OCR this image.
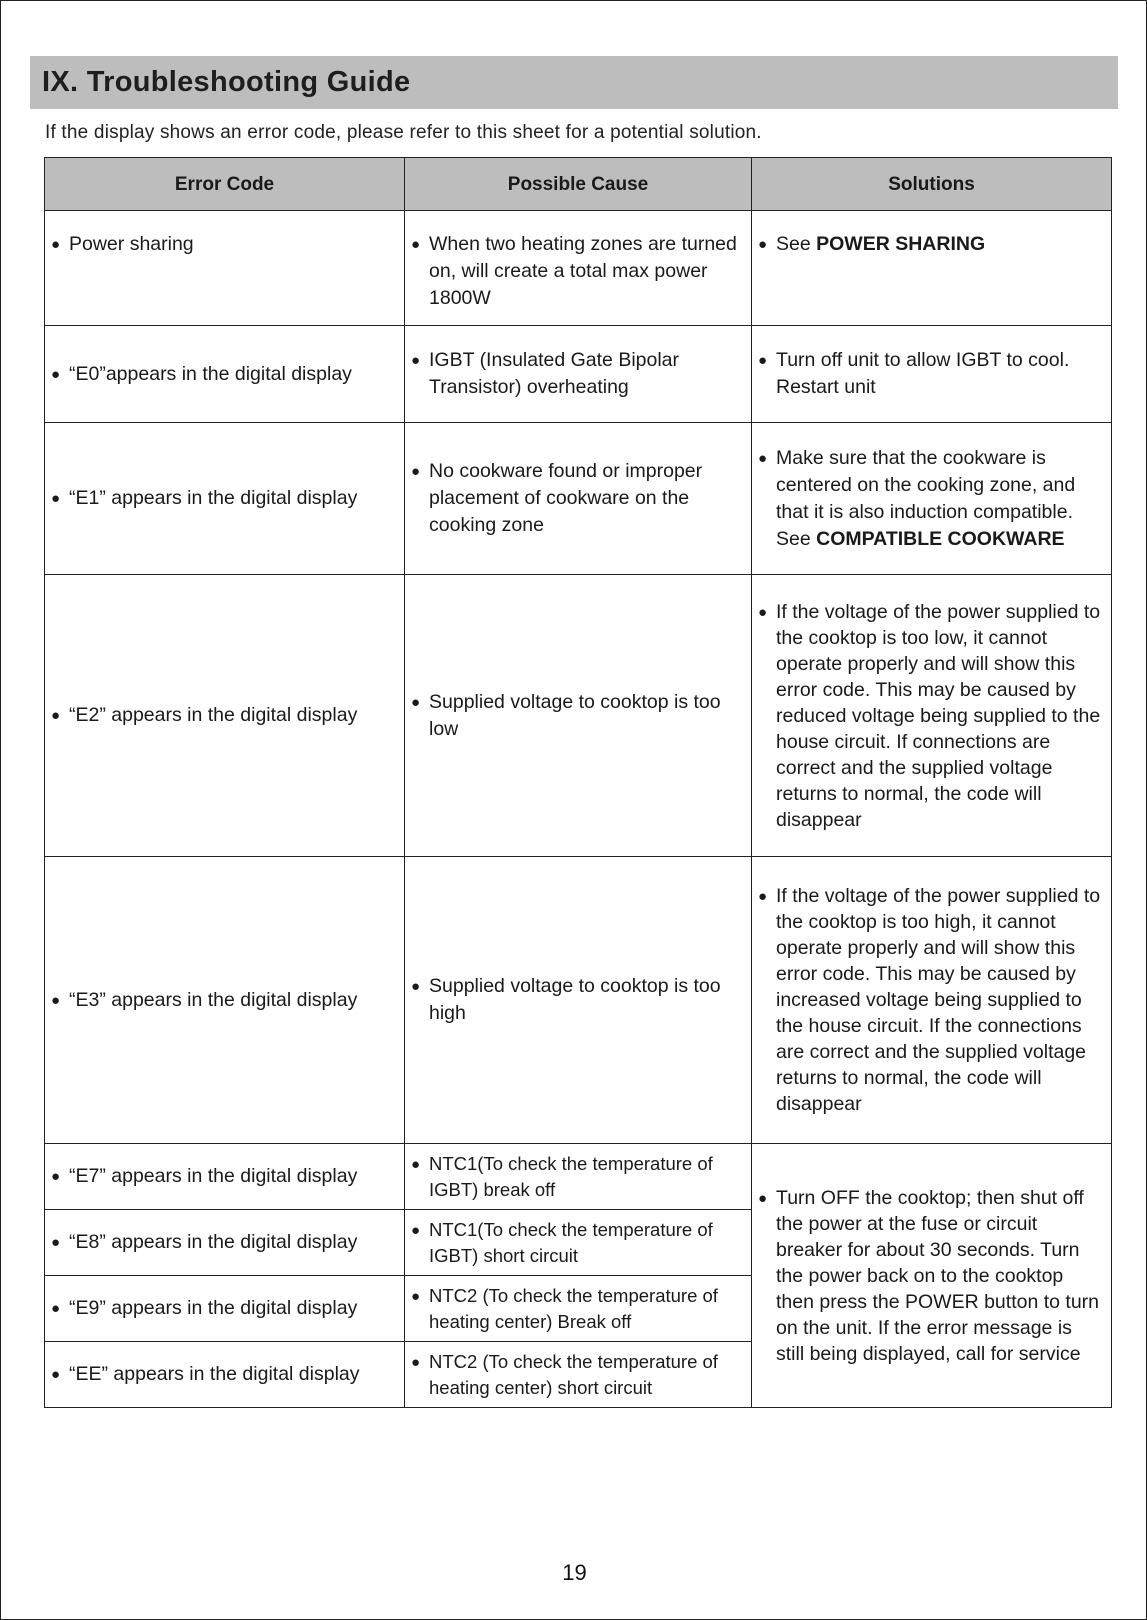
IX. Troubleshooting Guide
If the display shows an error code, please refer to this sheet for a potential solution.
Error Code	Possible Cause	Solutions

● Power sharing	● When two heating zones are turned on, will create a total max power 1800W	● See POWER SHARING

● “E0”appears in the digital display	● IGBT (Insulated Gate Bipolar Transistor) overheating	● Turn off unit to allow IGBT to cool. Restart unit

● “E1” appears in the digital display	● No cookware found or improper placement of cookware on the cooking zone	● Make sure that the cookware is centered on the cooking zone, and that it is also induction compatible. See COMPATIBLE COOKWARE

● “E2” appears in the digital display	● Supplied voltage to cooktop is too low	● If the voltage of the power supplied to the cooktop is too low, it cannot operate properly and will show this error code. This may be caused by reduced voltage being supplied to the house circuit. If connections are correct and the supplied voltage returns to normal, the code will disappear

● “E3” appears in the digital display	● Supplied voltage to cooktop is too high	● If the voltage of the power supplied to the cooktop is too high, it cannot operate properly and will show this error code. This may be caused by increased voltage being supplied to the house circuit. If the connections are correct and the supplied voltage returns to normal, the code will disappear

● “E7” appears in the digital display	● NTC1(To check the temperature of IGBT) break off	● Turn OFF the cooktop; then shut off the power at the fuse or circuit breaker for about 30 seconds. Turn the power back on to the cooktop then press the POWER button to turn on the unit. If the error message is still being displayed, call for service

● “E8” appears in the digital display	● NTC1(To check the temperature of IGBT) short circuit	

● “E9” appears in the digital display	● NTC2 (To check the temperature of heating center) Break off	

● “EE” appears in the digital display	● NTC2 (To check the temperature of heating center) short circuit	
19
